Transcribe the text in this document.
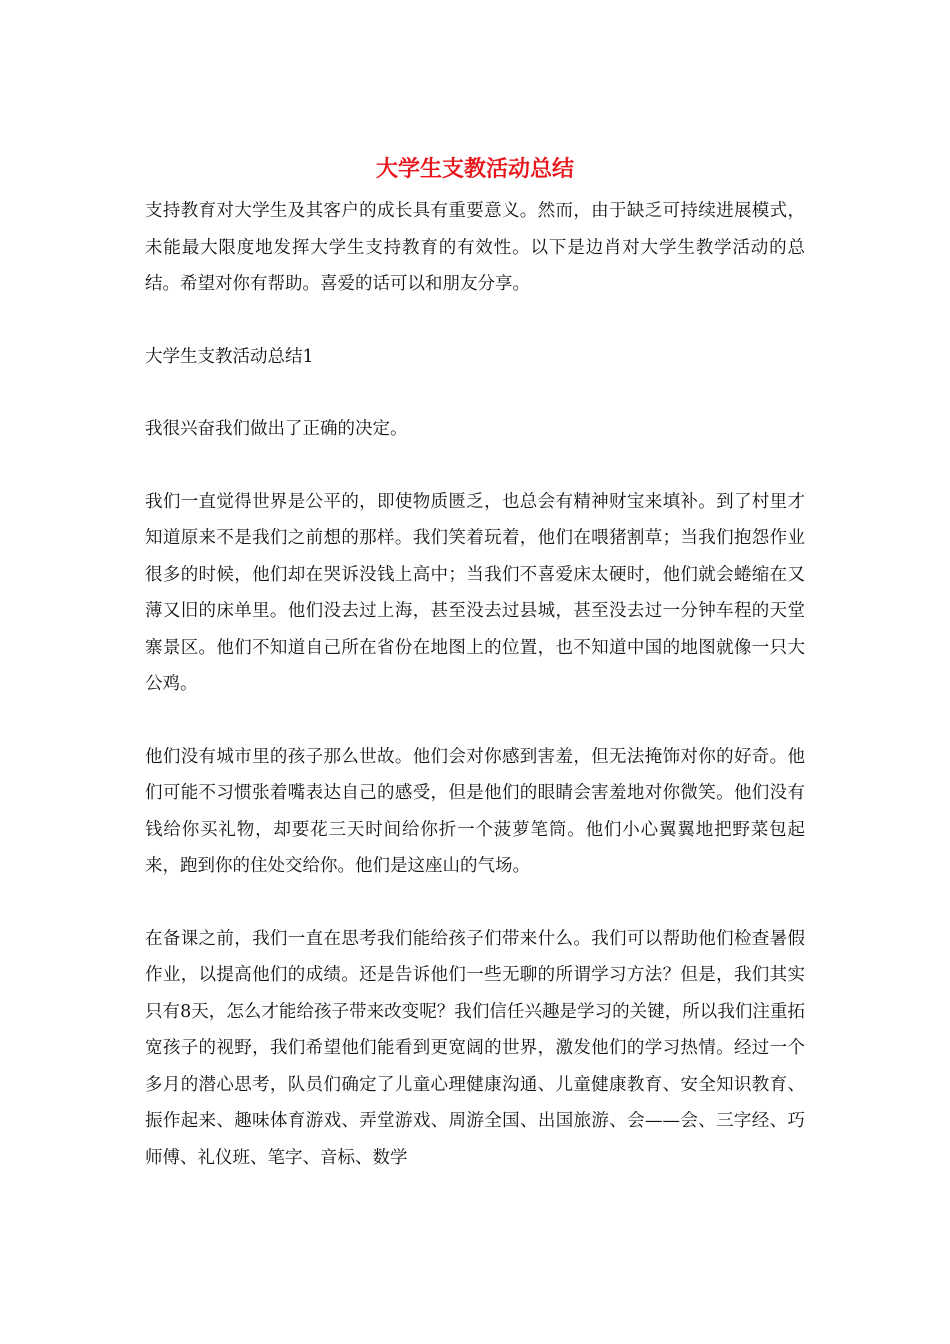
大学生支教活动总结

支持教育对大学生及其客户的成长具有重要意义。然而，由于缺乏可持续进展模式，未能最大限度地发挥大学生支持教育的有效性。以下是边肖对大学生教学活动的总结。希望对你有帮助。喜爱的话可以和朋友分享。

大学生支教活动总结1

我很兴奋我们做出了正确的决定。

我们一直觉得世界是公平的，即使物质匮乏，也总会有精神财宝来填补。到了村里才知道原来不是我们之前想的那样。我们笑着玩着，他们在喂猪割草；当我们抱怨作业很多的时候，他们却在哭诉没钱上高中；当我们不喜爱床太硬时，他们就会蜷缩在又薄又旧的床单里。他们没去过上海，甚至没去过县城，甚至没去过一分钟车程的天堂寨景区。他们不知道自己所在省份在地图上的位置，也不知道中国的地图就像一只大公鸡。

他们没有城市里的孩子那么世故。他们会对你感到害羞，但无法掩饰对你的好奇。他们可能不习惯张着嘴表达自己的感受，但是他们的眼睛会害羞地对你微笑。他们没有钱给你买礼物，却要花三天时间给你折一个菠萝笔筒。他们小心翼翼地把野菜包起来，跑到你的住处交给你。他们是这座山的气场。

在备课之前，我们一直在思考我们能给孩子们带来什么。我们可以帮助他们检查暑假作业，以提高他们的成绩。还是告诉他们一些无聊的所谓学习方法？但是，我们其实只有8天，怎么才能给孩子带来改变呢？我们信任兴趣是学习的关键，所以我们注重拓宽孩子的视野，我们希望他们能看到更宽阔的世界，激发他们的学习热情。经过一个多月的潜心思考，队员们确定了儿童心理健康沟通、儿童健康教育、安全知识教育、振作起来、趣味体育游戏、弄堂游戏、周游全国、出国旅游、会——会、三字经、巧师傅、礼仪班、笔字、音标、数学
